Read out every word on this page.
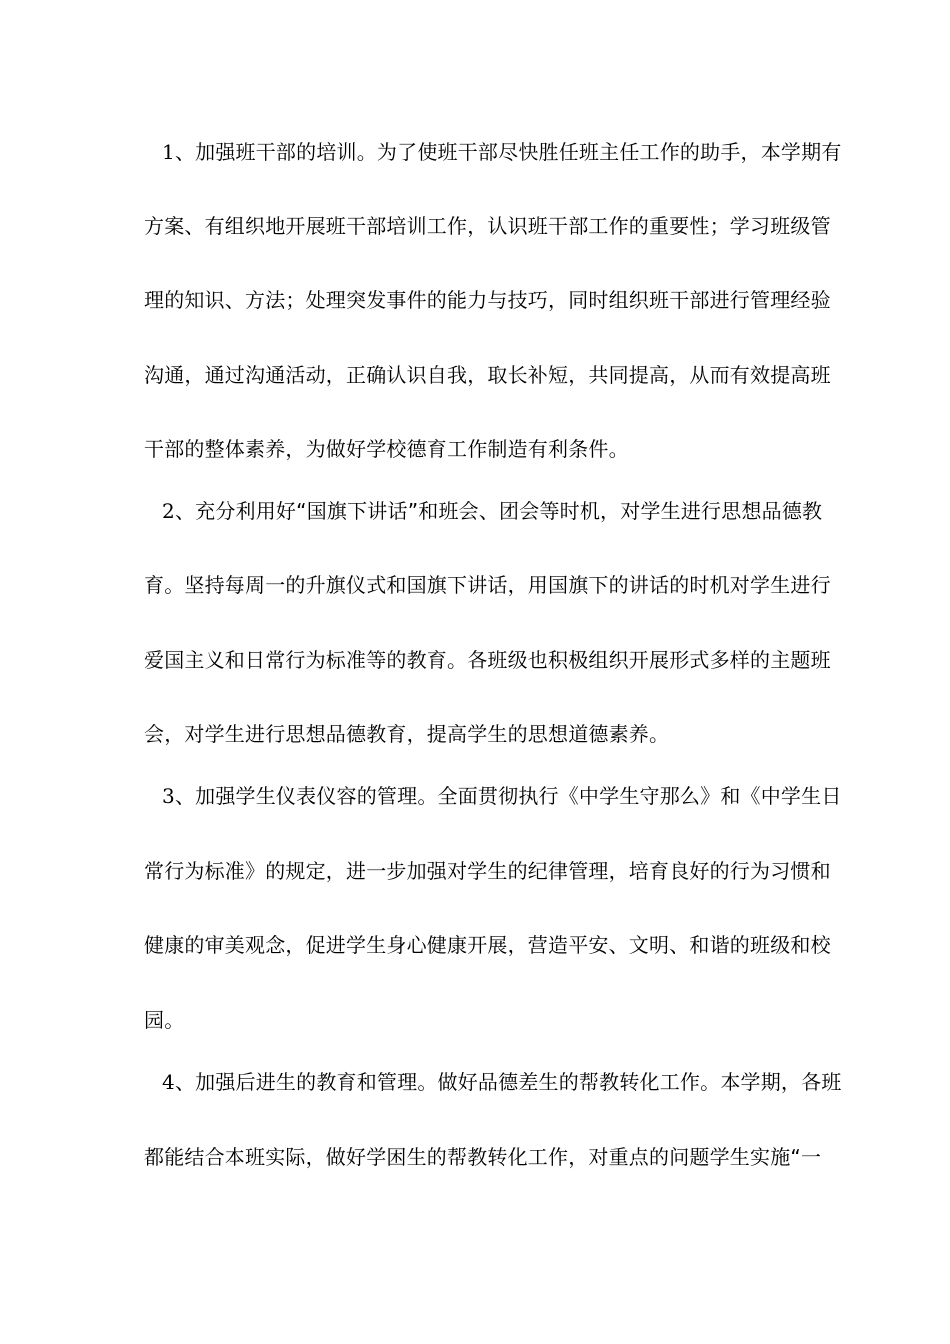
1、加强班干部的培训。为了使班干部尽快胜任班主任工作的助手，本学期有
方案、有组织地开展班干部培训工作，认识班干部工作的重要性；学习班级管
理的知识、方法；处理突发事件的能力与技巧，同时组织班干部进行管理经验
沟通，通过沟通活动，正确认识自我，取长补短，共同提高，从而有效提高班
干部的整体素养，为做好学校德育工作制造有利条件。
2、充分利用好“国旗下讲话”和班会、团会等时机，对学生进行思想品德教
育。坚持每周一的升旗仪式和国旗下讲话，用国旗下的讲话的时机对学生进行
爱国主义和日常行为标准等的教育。各班级也积极组织开展形式多样的主题班
会，对学生进行思想品德教育，提高学生的思想道德素养。
3、加强学生仪表仪容的管理。全面贯彻执行《中学生守那么》和《中学生日
常行为标准》的规定，进一步加强对学生的纪律管理，培育良好的行为习惯和
健康的审美观念，促进学生身心健康开展，营造平安、文明、和谐的班级和校
园。
4、加强后进生的教育和管理。做好品德差生的帮教转化工作。本学期，各班
都能结合本班实际，做好学困生的帮教转化工作，对重点的问题学生实施“一
